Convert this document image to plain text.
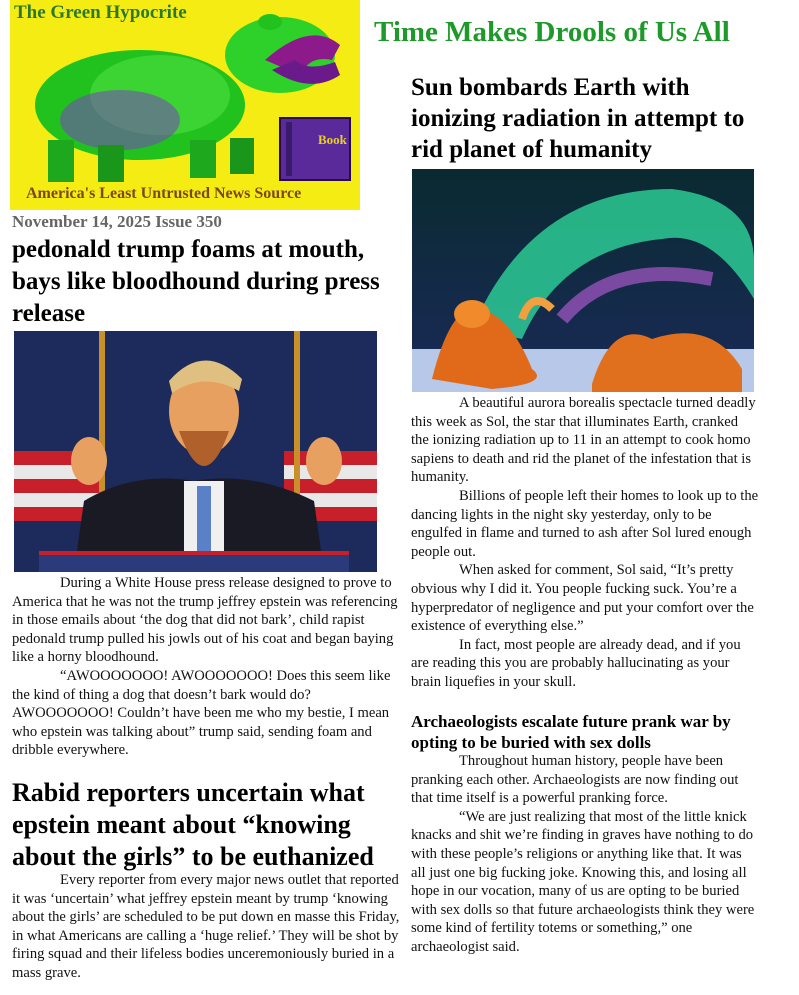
The Green Hypocrite
Book
America's Least Untrusted News Source
Time Makes Drools of Us All
November 14, 2025 Issue 350
pedonald trump foams at mouth, bays like bloodhound during press release

During a White House press release designed to prove to America that he was not the trump jeffrey epstein was referencing in those emails about ‘the dog that did not bark’, child rapist pedonald trump pulled his jowls out of his coat and began baying like a horny bloodhound.

“AWOOOOOOO! AWOOOOOOO! Does this seem like the kind of thing a dog that doesn’t bark would do? AWOOOOOOO! Couldn’t have been me who my bestie, I mean who epstein was talking about” trump said, sending foam and dribble everywhere.

Rabid reporters uncertain what epstein meant about “knowing about the girls” to be euthanized

Every reporter from every major news outlet that reported it was ‘uncertain’ what jeffrey epstein meant by trump ‘knowing about the girls’ are scheduled to be put down en masse this Friday, in what Americans are calling a ‘huge relief.’ They will be shot by firing squad and their lifeless bodies unceremoniously buried in a mass grave.

Sun bombards Earth with ionizing radiation in attempt to rid planet of humanity

A beautiful aurora borealis spectacle turned deadly this week as Sol, the star that illuminates Earth, cranked the ionizing radiation up to 11 in an attempt to cook homo sapiens to death and rid the planet of the infestation that is humanity.

Billions of people left their homes to look up to the dancing lights in the night sky yesterday, only to be engulfed in flame and turned to ash after Sol lured enough people out.

When asked for comment, Sol said, “It’s pretty obvious why I did it. You people fucking suck. You’re a hyperpredator of negligence and put your comfort over the existence of everything else.”

In fact, most people are already dead, and if you are reading this you are probably hallucinating as your brain liquefies in your skull.

Archaeologists escalate future prank war by opting to be buried with sex dolls

Throughout human history, people have been pranking each other. Archaeologists are now finding out that time itself is a powerful pranking force.

“We are just realizing that most of the little knick knacks and shit we’re finding in graves have nothing to do with these people’s religions or anything like that. It was all just one big fucking joke. Knowing this, and losing all hope in our vocation, many of us are opting to be buried with sex dolls so that future archaeologists think they were some kind of fertility totems or something,” one archaeologist said.
